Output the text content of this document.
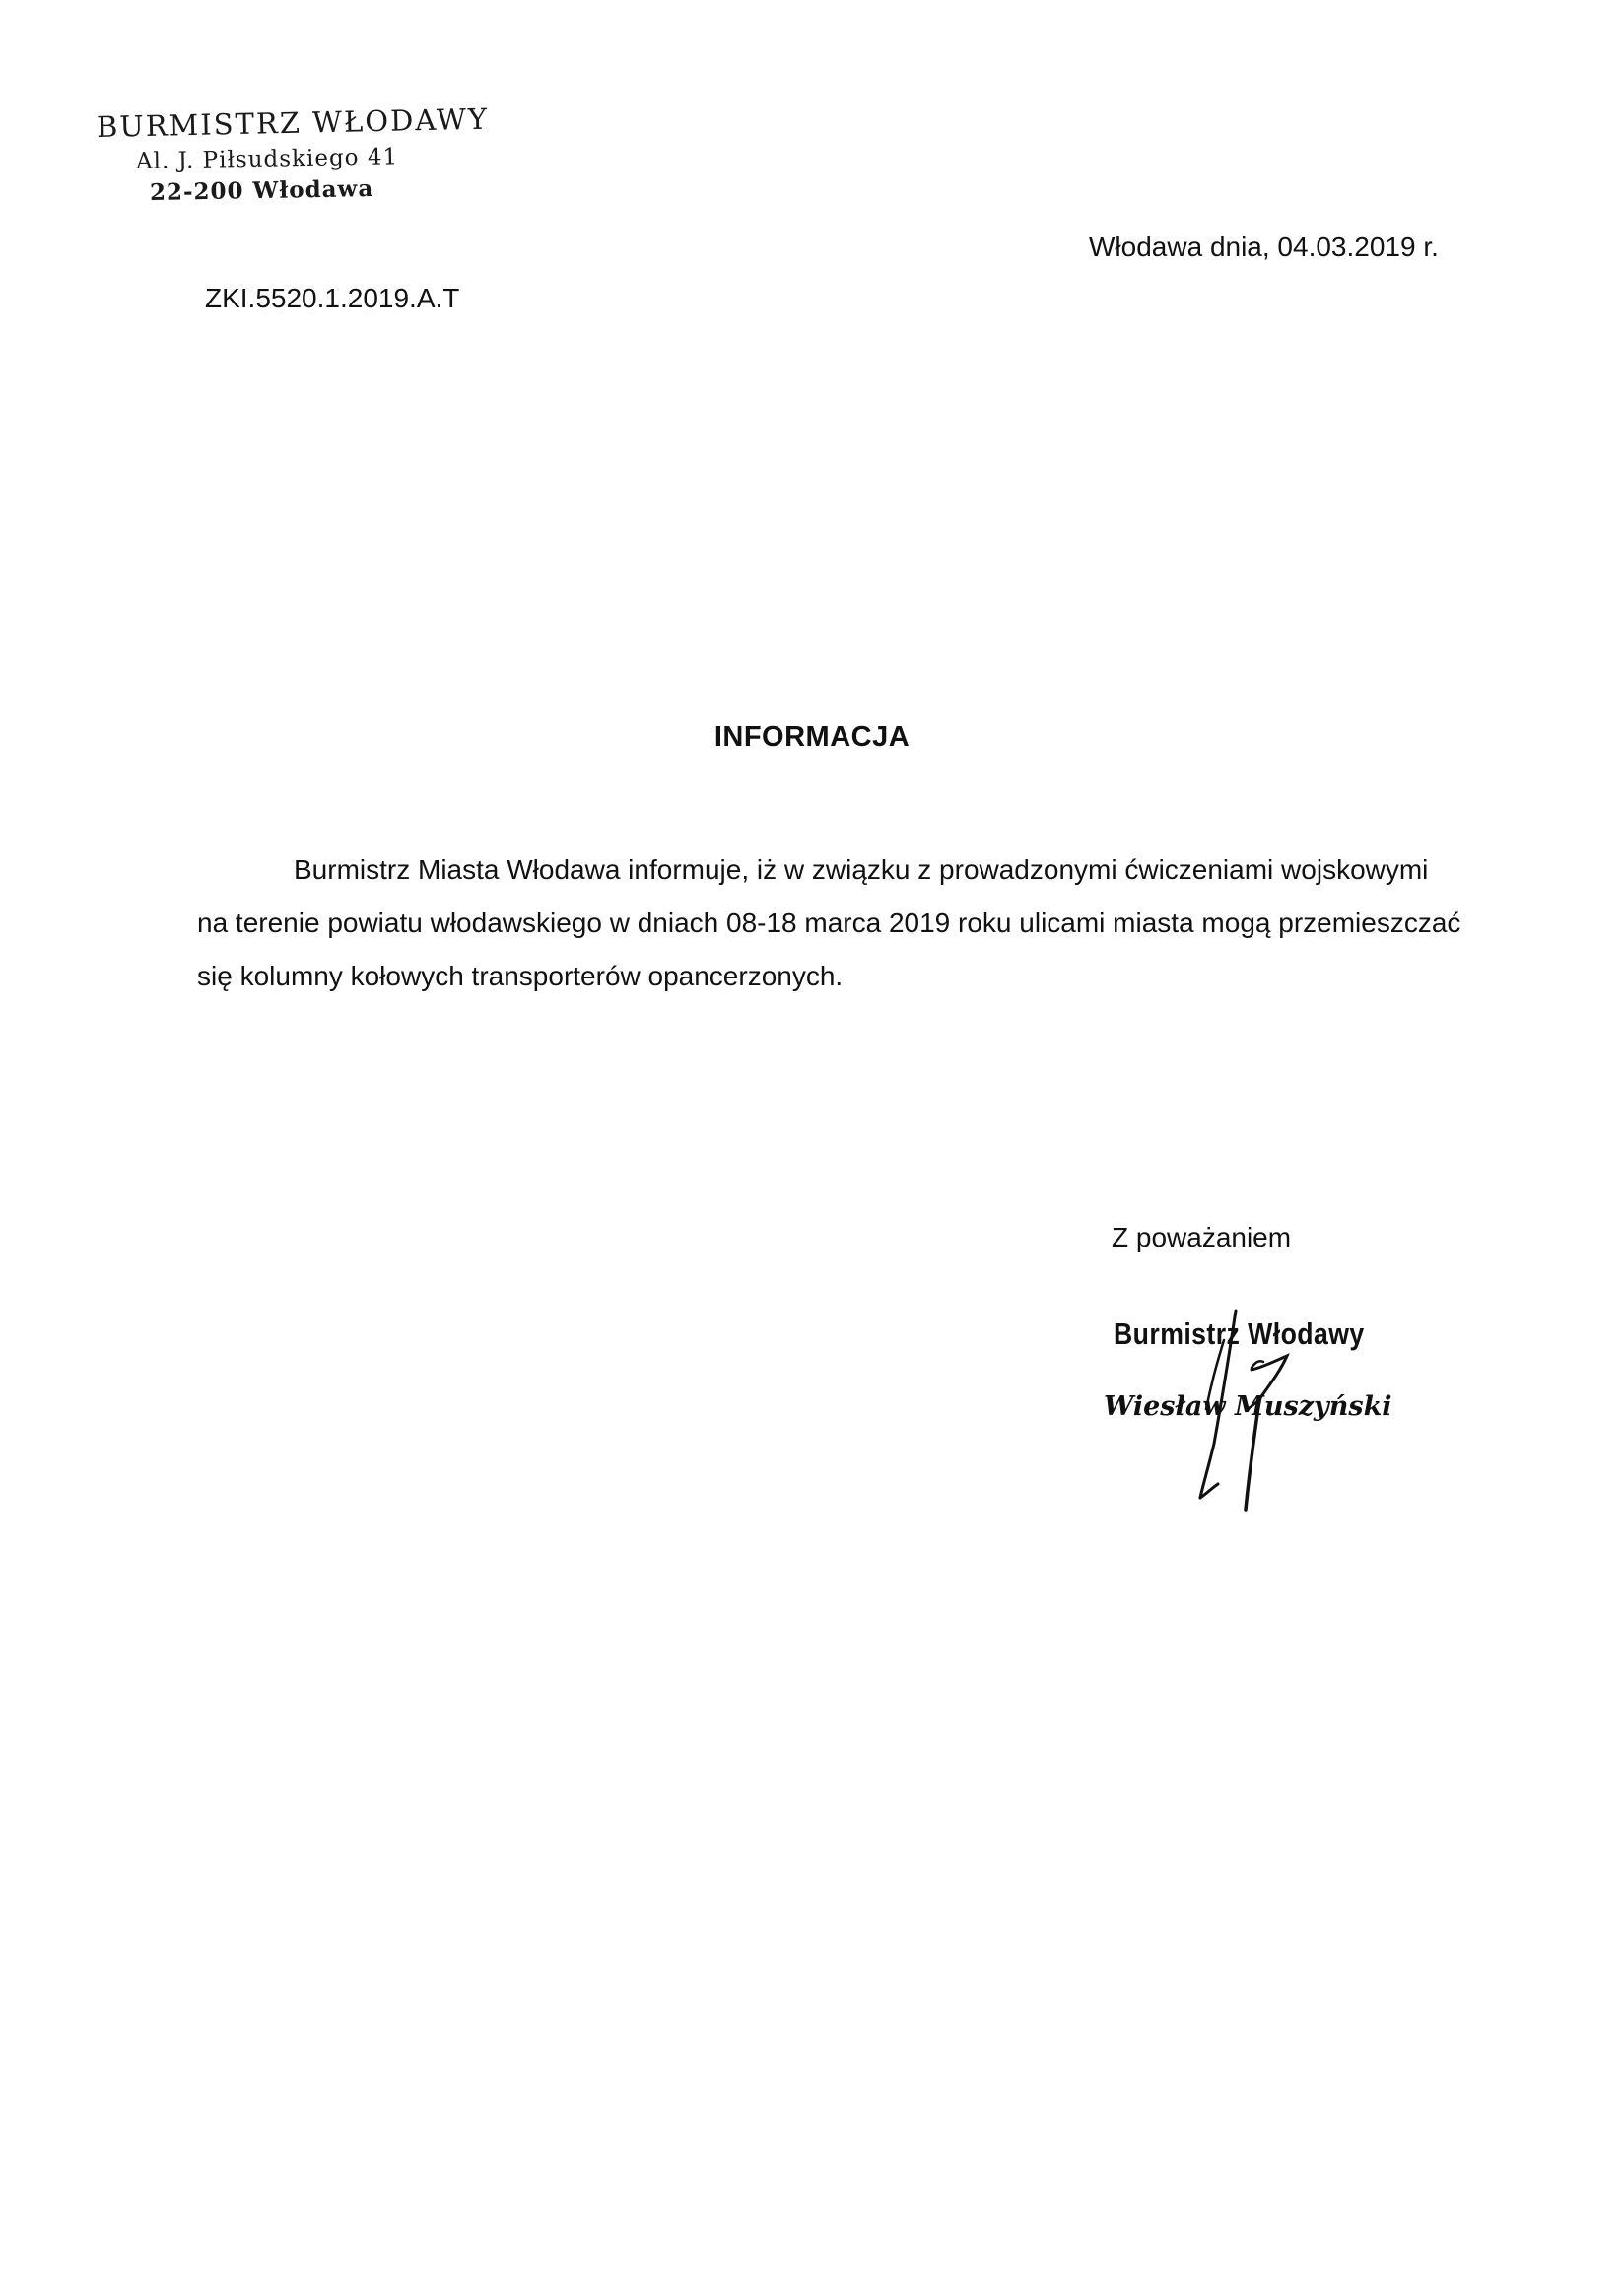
BURMISTRZ WŁODAWY
Al. J. Piłsudskiego 41
22-200 Włodawa
Włodawa dnia, 04.03.2019 r.
ZKI.5520.1.2019.A.T
INFORMACJA
Burmistrz Miasta Włodawa informuje, iż w związku z prowadzonymi ćwiczeniami wojskowymi
na terenie powiatu włodawskiego w dniach 08-18 marca 2019 roku ulicami miasta mogą przemieszczać
się kolumny kołowych transporterów opancerzonych.
Z poważaniem
Burmistrz Włodawy
Wiesław Muszyński
